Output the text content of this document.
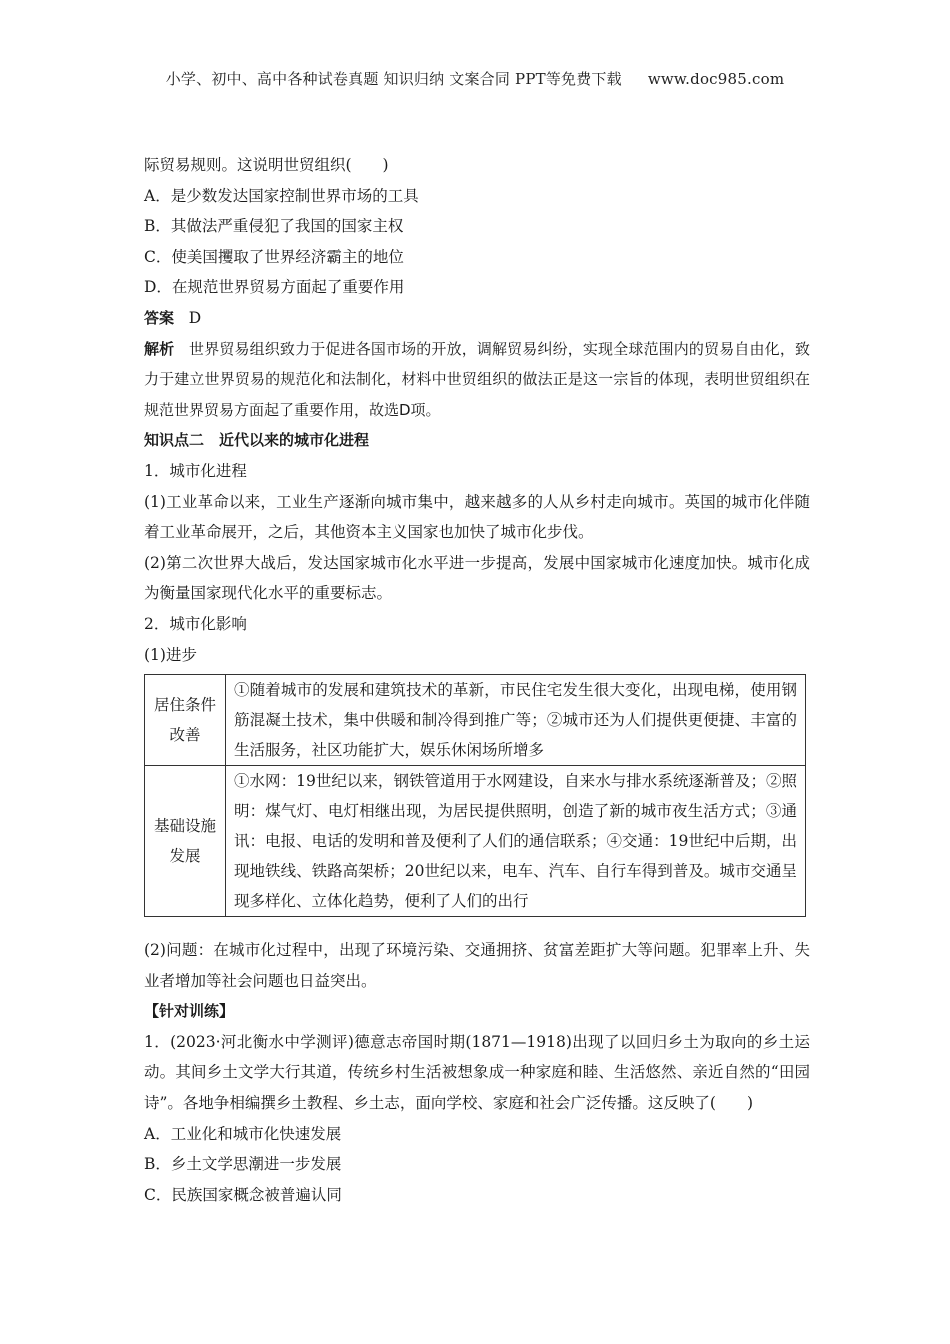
小学、初中、高中各种试卷真题 知识归纳 文案合同 PPT等免费下载 www.doc985.com
际贸易规则。这说明世贸组织(　　)
A．是少数发达国家控制世界市场的工具
B．其做法严重侵犯了我国的国家主权
C．使美国攫取了世界经济霸主的地位
D．在规范世界贸易方面起了重要作用
答案 D
解析 世界贸易组织致力于促进各国市场的开放，调解贸易纠纷，实现全球范围内的贸易自由化，致力于建立世界贸易的规范化和法制化，材料中世贸组织的做法正是这一宗旨的体现，表明世贸组织在规范世界贸易方面起了重要作用，故选D项。
知识点二　近代以来的城市化进程
1．城市化进程
(1)工业革命以来，工业生产逐渐向城市集中，越来越多的人从乡村走向城市。英国的城市化伴随着工业革命展开，之后，其他资本主义国家也加快了城市化步伐。
(2)第二次世界大战后，发达国家城市化水平进一步提高，发展中国家城市化速度加快。城市化成为衡量国家现代化水平的重要标志。
2．城市化影响
(1)进步
居住条件改善	①随着城市的发展和建筑技术的革新，市民住宅发生很大变化，出现电梯，使用钢筋混凝土技术，集中供暖和制冷得到推广等；②城市还为人们提供更便捷、丰富的生活服务，社区功能扩大，娱乐休闲场所增多
基础设施发展	①水网：19世纪以来，钢铁管道用于水网建设，自来水与排水系统逐渐普及；②照明：煤气灯、电灯相继出现，为居民提供照明，创造了新的城市夜生活方式；③通讯：电报、电话的发明和普及便利了人们的通信联系；④交通：19世纪中后期，出现地铁线、铁路高架桥；20世纪以来，电车、汽车、自行车得到普及。城市交通呈现多样化、立体化趋势，便利了人们的出行
(2)问题：在城市化过程中，出现了环境污染、交通拥挤、贫富差距扩大等问题。犯罪率上升、失业者增加等社会问题也日益突出。
【针对训练】
1．(2023·河北衡水中学测评)德意志帝国时期(1871—1918)出现了以回归乡土为取向的乡土运动。其间乡土文学大行其道，传统乡村生活被想象成一种家庭和睦、生活悠然、亲近自然的“田园诗”。各地争相编撰乡土教程、乡土志，面向学校、家庭和社会广泛传播。这反映了(　　)
A．工业化和城市化快速发展
B．乡土文学思潮进一步发展
C．民族国家概念被普遍认同
